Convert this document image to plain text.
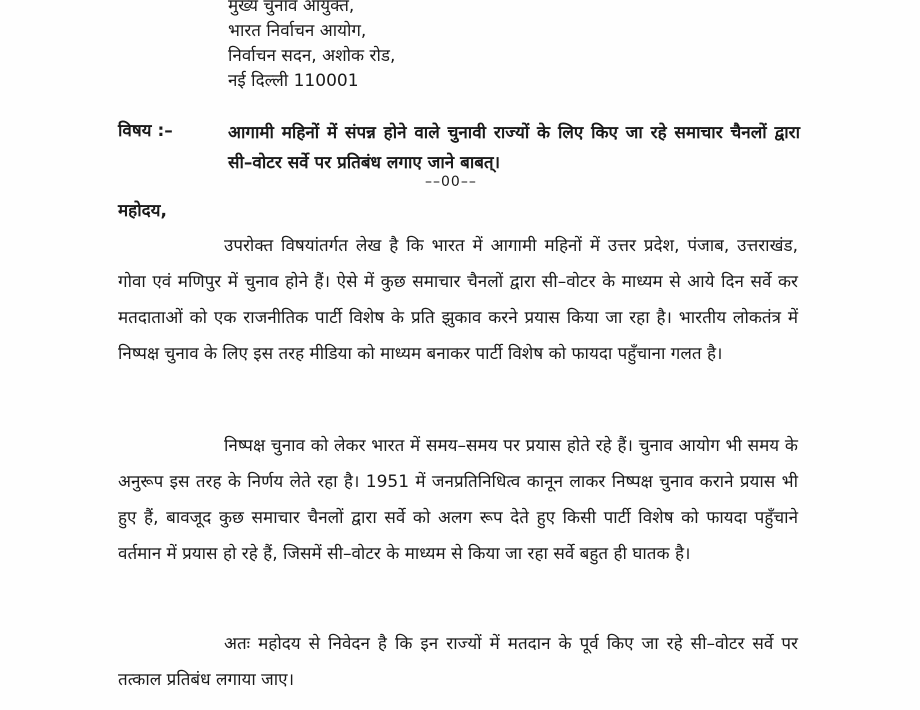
मुख्य चुनाव आयुक्त,
भारत निर्वाचन आयोग,
निर्वाचन सदन, अशोक रोड,
नई दिल्ली 110001
विषय :–	आगामी महिनों में संपन्न होने वाले चुनावी राज्यों के लिए किए जा रहे समाचार चैनलों द्वारा सी–वोटर सर्वे पर प्रतिबंध लगाए जाने बाबत्।
––00––
महोदय,
उपरोक्त विषयांतर्गत लेख है कि भारत में आगामी महिनों में उत्तर प्रदेश, पंजाब, उत्तराखंड, गोवा एवं मणिपुर में चुनाव होने हैं। ऐसे में कुछ समाचार चैनलों द्वारा सी–वोटर के माध्यम से आये दिन सर्वे कर मतदाताओं को एक राजनीतिक पार्टी विशेष के प्रति झुकाव करने प्रयास किया जा रहा है। भारतीय लोकतंत्र में निष्पक्ष चुनाव के लिए इस तरह मीडिया को माध्यम बनाकर पार्टी विशेष को फायदा पहुँचाना गलत है।
निष्पक्ष चुनाव को लेकर भारत में समय–समय पर प्रयास होते रहे हैं। चुनाव आयोग भी समय के अनुरूप इस तरह के निर्णय लेते रहा है। 1951 में जनप्रतिनिधित्व कानून लाकर निष्पक्ष चुनाव कराने प्रयास भी हुए हैं, बावजूद कुछ समाचार चैनलों द्वारा सर्वे को अलग रूप देते हुए किसी पार्टी विशेष को फायदा पहुँचाने वर्तमान में प्रयास हो रहे हैं, जिसमें सी–वोटर के माध्यम से किया जा रहा सर्वे बहुत ही घातक है।
अतः महोदय से निवेदन है कि इन राज्यों में मतदान के पूर्व किए जा रहे सी–वोटर सर्वे पर तत्काल प्रतिबंध लगाया जाए।
